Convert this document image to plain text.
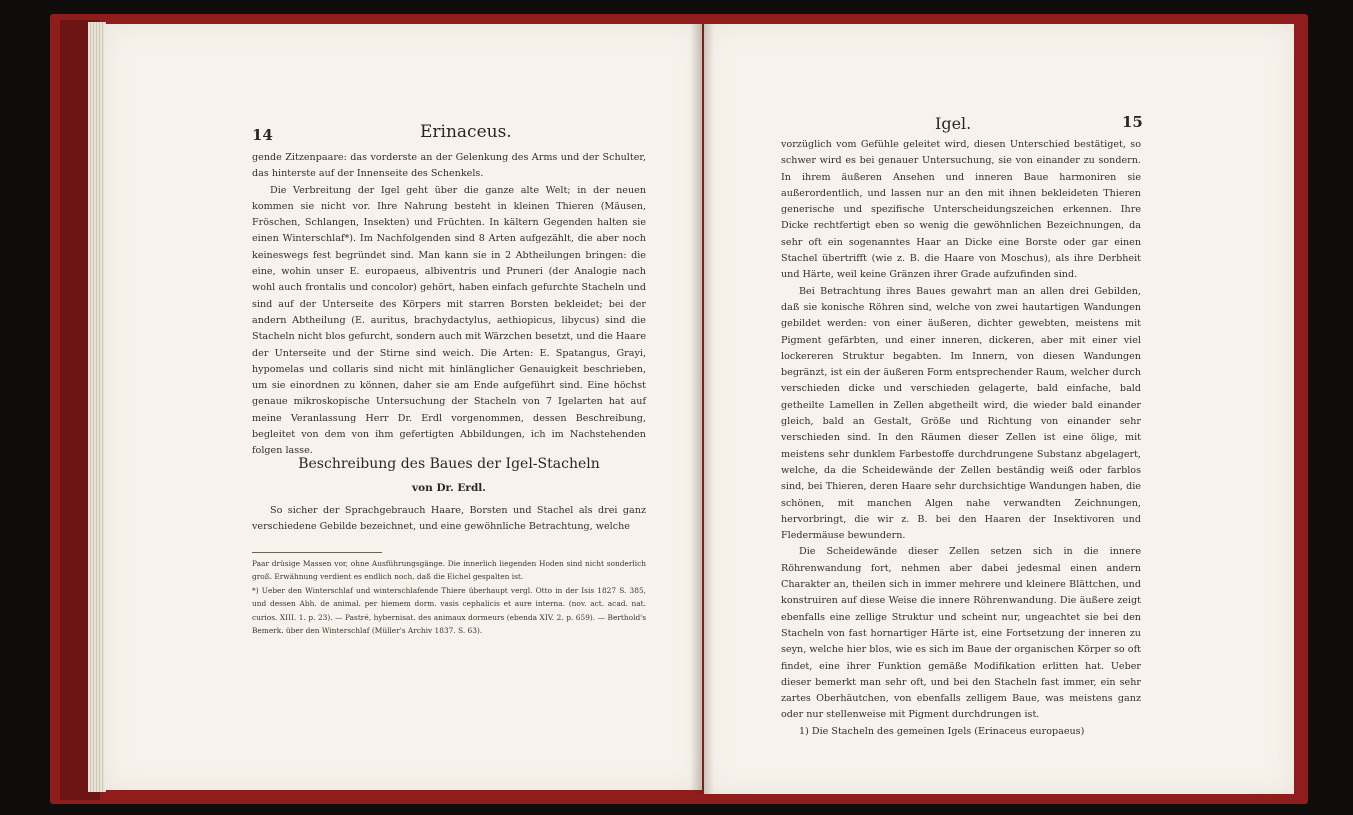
14	Erinaceus.

gende Zitzenpaare: das vorderste an der Gelenkung des Arms und der Schulter, das hinterste auf der Innenseite des Schenkels.

Die Verbreitung der Igel geht über die ganze alte Welt; in der neuen kommen sie nicht vor. Ihre Nahrung besteht in kleinen Thieren (Mäusen, Fröschen, Schlangen, Insekten) und Früchten. In kältern Gegenden halten sie einen Winterschlaf*). Im Nachfolgenden sind 8 Arten aufgezählt, die aber noch keineswegs fest begründet sind. Man kann sie in 2 Abtheilungen bringen: die eine, wohin unser E. europaeus, albiventris und Pruneri (der Analogie nach wohl auch frontalis und concolor) gehört, haben einfach gefurchte Stacheln und sind auf der Unterseite des Körpers mit starren Borsten bekleidet; bei der andern Abtheilung (E. auritus, brachydactylus, aethiopicus, libycus) sind die Stacheln nicht blos gefurcht, sondern auch mit Wärzchen besetzt, und die Haare der Unterseite und der Stirne sind weich. Die Arten: E. Spatangus, Grayi, hypomelas und collaris sind nicht mit hinlänglicher Genauigkeit beschrieben, um sie einordnen zu können, daher sie am Ende aufgeführt sind. Eine höchst genaue mikroskopische Untersuchung der Stacheln von 7 Igelarten hat auf meine Veranlassung Herr Dr. Erdl vorgenommen, dessen Beschreibung, begleitet von dem von ihm gefertigten Abbildungen, ich im Nachstehenden folgen lasse.

Beschreibung des Baues der Igel-Stacheln
von Dr. Erdl.

So sicher der Sprachgebrauch Haare, Borsten und Stachel als drei ganz verschiedene Gebilde bezeichnet, und eine gewöhnliche Betrachtung, welche

Paar drüsige Massen vor, ohne Ausführungsgänge. Die innerlich liegenden Hoden sind nicht sonderlich groß. Erwähnung verdient es endlich noch, daß die Eichel gespalten ist.

*) Ueber den Winterschlaf und winterschlafende Thiere überhaupt vergl. Otto in der Isis 1827 S. 385, und dessen Abh. de animal. per hiemem dorm. vasis cephalicis et aure interna. (nov. act. acad. nat. curios. XIII. 1. p. 23). — Pastré, hybernisat. des animaux dormeurs (ebenda XIV. 2. p. 659). — Berthold's Bemerk. über den Winterschlaf (Müller's Archiv 1837. S. 63).

Igel.	15

vorzüglich vom Gefühle geleitet wird, diesen Unterschied bestätiget, so schwer wird es bei genauer Untersuchung, sie von einander zu sondern. In ihrem äußeren Ansehen und inneren Baue harmoniren sie außerordentlich, und lassen nur an den mit ihnen bekleideten Thieren generische und spezifische Unterscheidungszeichen erkennen. Ihre Dicke rechtfertigt eben so wenig die gewöhnlichen Bezeichnungen, da sehr oft ein sogenanntes Haar an Dicke eine Borste oder gar einen Stachel übertrifft (wie z. B. die Haare von Moschus), als ihre Derbheit und Härte, weil keine Gränzen ihrer Grade aufzufinden sind.

Bei Betrachtung ihres Baues gewahrt man an allen drei Gebilden, daß sie konische Röhren sind, welche von zwei hautartigen Wandungen gebildet werden: von einer äußeren, dichter gewebten, meistens mit Pigment gefärbten, und einer inneren, dickeren, aber mit einer viel lockereren Struktur begabten. Im Innern, von diesen Wandungen begränzt, ist ein der äußeren Form entsprechender Raum, welcher durch verschieden dicke und verschieden gelagerte, bald einfache, bald getheilte Lamellen in Zellen abgetheilt wird, die wieder bald einander gleich, bald an Gestalt, Größe und Richtung von einander sehr verschieden sind. In den Räumen dieser Zellen ist eine ölige, mit meistens sehr dunklem Farbestoffe durchdrungene Substanz abgelagert, welche, da die Scheidewände der Zellen beständig weiß oder farblos sind, bei Thieren, deren Haare sehr durchsichtige Wandungen haben, die schönen, mit manchen Algen nahe verwandten Zeichnungen, hervorbringt, die wir z. B. bei den Haaren der Insektivoren und Fledermäuse bewundern.

Die Scheidewände dieser Zellen setzen sich in die innere Röhrenwandung fort, nehmen aber dabei jedesmal einen andern Charakter an, theilen sich in immer mehrere und kleinere Blättchen, und konstruiren auf diese Weise die innere Röhrenwandung. Die äußere zeigt ebenfalls eine zellige Struktur und scheint nur, ungeachtet sie bei den Stacheln von fast hornartiger Härte ist, eine Fortsetzung der inneren zu seyn, welche hier blos, wie es sich im Baue der organischen Körper so oft findet, eine ihrer Funktion gemäße Modifikation erlitten hat. Ueber dieser bemerkt man sehr oft, und bei den Stacheln fast immer, ein sehr zartes Oberhäutchen, von ebenfalls zelligem Baue, was meistens ganz oder nur stellenweise mit Pigment durchdrungen ist.

1) Die Stacheln des gemeinen Igels (Erinaceus europaeus)
